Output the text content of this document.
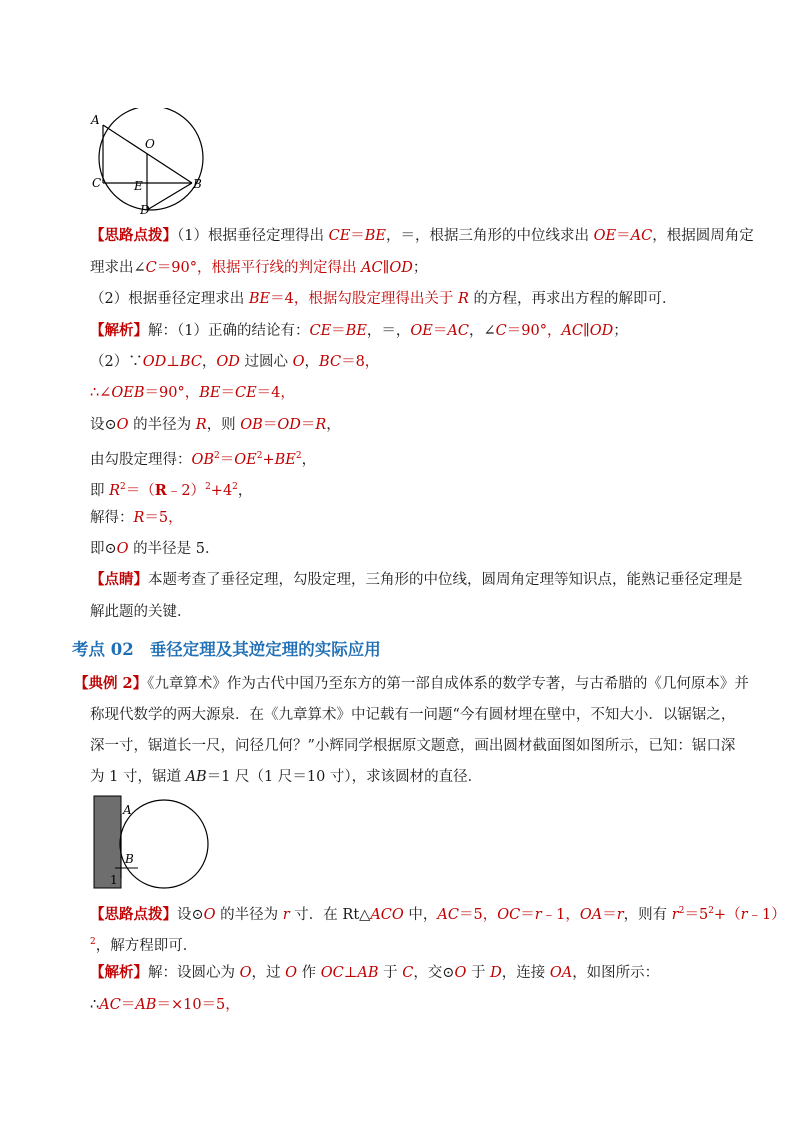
A
O
C	E	B
D
【思路点拨】（1）根据垂径定理得出 CE＝BE，＝，根据三角形的中位线求出 OE＝AC，根据圆周角定
理求出∠C＝90°，根据平行线的判定得出 AC∥OD；
（2）根据垂径定理求出 BE＝4，根据勾股定理得出关于 R 的方程，再求出方程的解即可．
【解析】解：（1）正确的结论有：CE＝BE，＝，OE＝AC，∠C＝90°，AC∥OD；
（2）∵OD⊥BC，OD 过圆心 O，BC＝8，
∴∠OEB＝90°，BE＝CE＝4，
设⊙O 的半径为 R，则 OB＝OD＝R，
由勾股定理得：$OB^2=OE^2+BE^2$，
即 $R^2=(R﹣2)^2+4^2$，
解得：R＝5，
即⊙O 的半径是 5．
【点睛】本题考查了垂径定理，勾股定理，三角形的中位线，圆周角定理等知识点，能熟记垂径定理是
解此题的关键．
考点 02 垂径定理及其逆定理的实际应用
【典例 2】《九章算术》作为古代中国乃至东方的第一部自成体系的数学专著，与古希腊的《几何原本》并
称现代数学的两大源泉．在《九章算术》中记载有一问题“今有圆材埋在壁中，不知大小．以锯锯之，
深一寸，锯道长一尺，问径几何？”小辉同学根据原文题意，画出圆材截面图如图所示，已知：锯口深
为 1 寸，锯道 AB＝1 尺（1 尺＝10 寸），求该圆材的直径．
A
B
1
【思路点拨】设⊙O 的半径为 r 寸．在 Rt△ACO 中，AC＝5，OC＝r﹣1，OA＝r，则有 $r^2=5^2+(r﹣1)$
$^2$，解方程即可．
【解析】解：设圆心为 O，过 O 作 OC⊥AB 于 C，交⊙O 于 D，连接 OA，如图所示：
∴AC＝AB＝×10＝5，
